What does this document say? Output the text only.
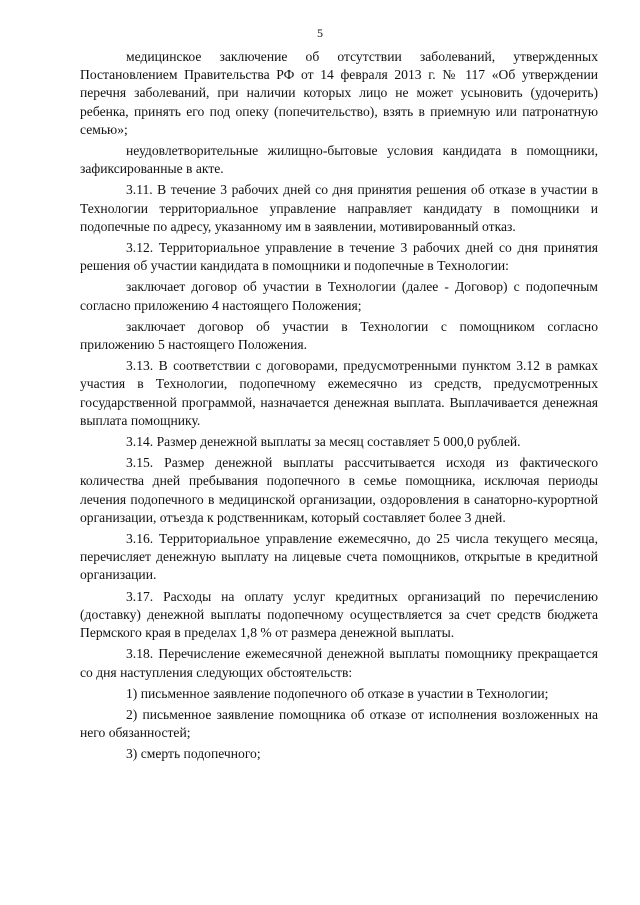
5

медицинское заключение об отсутствии заболеваний, утвержденных Постановлением Правительства РФ от 14 февраля 2013 г. № 117 «Об утверждении перечня заболеваний, при наличии которых лицо не может усыновить (удочерить) ребенка, принять его под опеку (попечительство), взять в приемную или патронатную семью»;

неудовлетворительные жилищно-бытовые условия кандидата в помощники, зафиксированные в акте.

3.11. В течение 3 рабочих дней со дня принятия решения об отказе в участии в Технологии территориальное управление направляет кандидату в помощники и подопечные по адресу, указанному им в заявлении, мотивированный отказ.

3.12. Территориальное управление в течение 3 рабочих дней со дня принятия решения об участии кандидата в помощники и подопечные в Технологии:

заключает договор об участии в Технологии (далее - Договор) с подопечным согласно приложению 4 настоящего Положения;

заключает договор об участии в Технологии с помощником согласно приложению 5 настоящего Положения.

3.13. В соответствии с договорами, предусмотренными пунктом 3.12 в рамках участия в Технологии, подопечному ежемесячно из средств, предусмотренных государственной программой, назначается денежная выплата. Выплачивается денежная выплата помощнику.

3.14. Размер денежной выплаты за месяц составляет 5 000,0 рублей.

3.15. Размер денежной выплаты рассчитывается исходя из фактического количества дней пребывания подопечного в семье помощника, исключая периоды лечения подопечного в медицинской организации, оздоровления в санаторно-курортной организации, отъезда к родственникам, который составляет более 3 дней.

3.16. Территориальное управление ежемесячно, до 25 числа текущего месяца, перечисляет денежную выплату на лицевые счета помощников, открытые в кредитной организации.

3.17. Расходы на оплату услуг кредитных организаций по перечислению (доставку) денежной выплаты подопечному осуществляется за счет средств бюджета Пермского края в пределах 1,8 % от размера денежной выплаты.

3.18. Перечисление ежемесячной денежной выплаты помощнику прекращается со дня наступления следующих обстоятельств:

1) письменное заявление подопечного об отказе в участии в Технологии;

2) письменное заявление помощника об отказе от исполнения возложенных на него обязанностей;

3) смерть подопечного;
